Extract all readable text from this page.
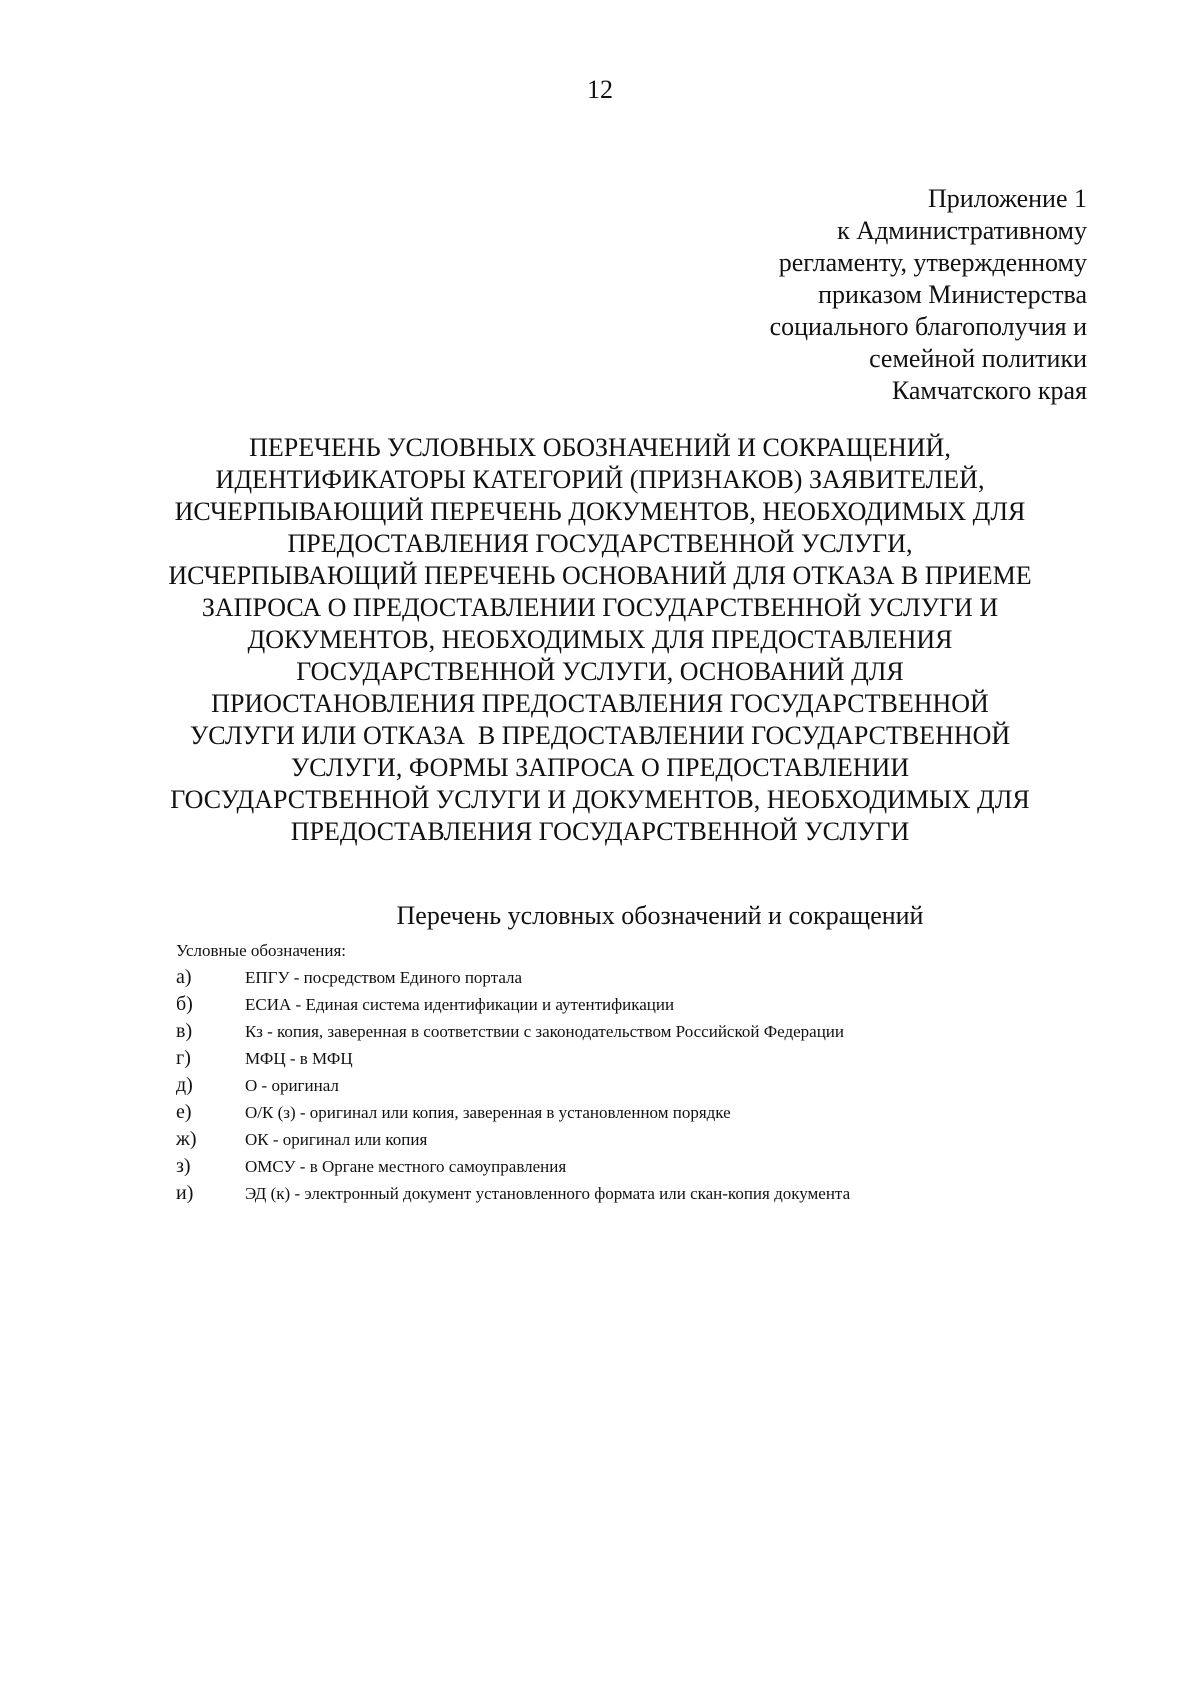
12
Приложение 1
к Административному
регламенту, утвержденному
приказом Министерства
социального благополучия и
семейной политики
Камчатского края
ПЕРЕЧЕНЬ УСЛОВНЫХ ОБОЗНАЧЕНИЙ И СОКРАЩЕНИЙ,
ИДЕНТИФИКАТОРЫ КАТЕГОРИЙ (ПРИЗНАКОВ) ЗАЯВИТЕЛЕЙ,
ИСЧЕРПЫВАЮЩИЙ ПЕРЕЧЕНЬ ДОКУМЕНТОВ, НЕОБХОДИМЫХ ДЛЯ
ПРЕДОСТАВЛЕНИЯ ГОСУДАРСТВЕННОЙ УСЛУГИ,
ИСЧЕРПЫВАЮЩИЙ ПЕРЕЧЕНЬ ОСНОВАНИЙ ДЛЯ ОТКАЗА В ПРИЕМЕ
ЗАПРОСА О ПРЕДОСТАВЛЕНИИ ГОСУДАРСТВЕННОЙ УСЛУГИ И
ДОКУМЕНТОВ, НЕОБХОДИМЫХ ДЛЯ ПРЕДОСТАВЛЕНИЯ
ГОСУДАРСТВЕННОЙ УСЛУГИ, ОСНОВАНИЙ ДЛЯ
ПРИОСТАНОВЛЕНИЯ ПРЕДОСТАВЛЕНИЯ ГОСУДАРСТВЕННОЙ
УСЛУГИ ИЛИ ОТКАЗА  В ПРЕДОСТАВЛЕНИИ ГОСУДАРСТВЕННОЙ
УСЛУГИ, ФОРМЫ ЗАПРОСА О ПРЕДОСТАВЛЕНИИ
ГОСУДАРСТВЕННОЙ УСЛУГИ И ДОКУМЕНТОВ, НЕОБХОДИМЫХ ДЛЯ
ПРЕДОСТАВЛЕНИЯ ГОСУДАРСТВЕННОЙ УСЛУГИ
Перечень условных обозначений и сокращений
Условные обозначения:
а)	ЕПГУ - посредством Единого портала
б)	ЕСИА - Единая система идентификации и аутентификации
в)	Кз - копия, заверенная в соответствии с законодательством Российской Федерации
г)	МФЦ - в МФЦ
д)	О - оригинал
е)	О/К (з) - оригинал или копия, заверенная в установленном порядке
ж)	ОК - оригинал или копия
з)	ОМСУ - в Органе местного самоуправления
и)	ЭД (к) - электронный документ установленного формата или скан-копия документа
